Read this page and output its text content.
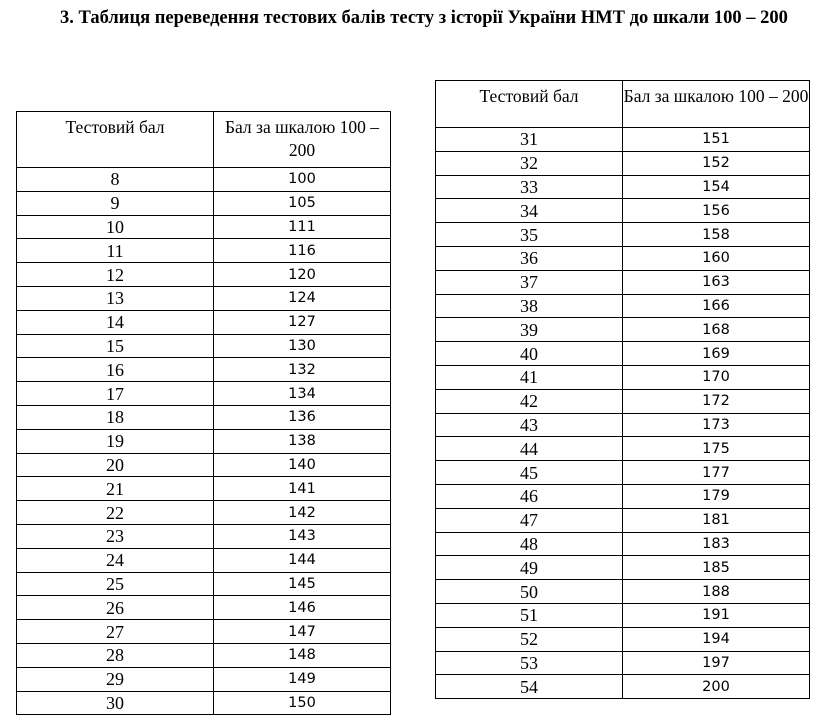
3. Таблиця переведення тестових балів тесту з історії України НМТ до шкали 100 – 200

Тестовий бал	Бал за шкалою 100 – 200
8	100
9	105
10	111
11	116
12	120
13	124
14	127
15	130
16	132
17	134
18	136
19	138
20	140
21	141
22	142
23	143
24	144
25	145
26	146
27	147
28	148
29	149
30	150
Тестовий бал	Бал за шкалою 100 – 200
31	151
32	152
33	154
34	156
35	158
36	160
37	163
38	166
39	168
40	169
41	170
42	172
43	173
44	175
45	177
46	179
47	181
48	183
49	185
50	188
51	191
52	194
53	197
54	200
